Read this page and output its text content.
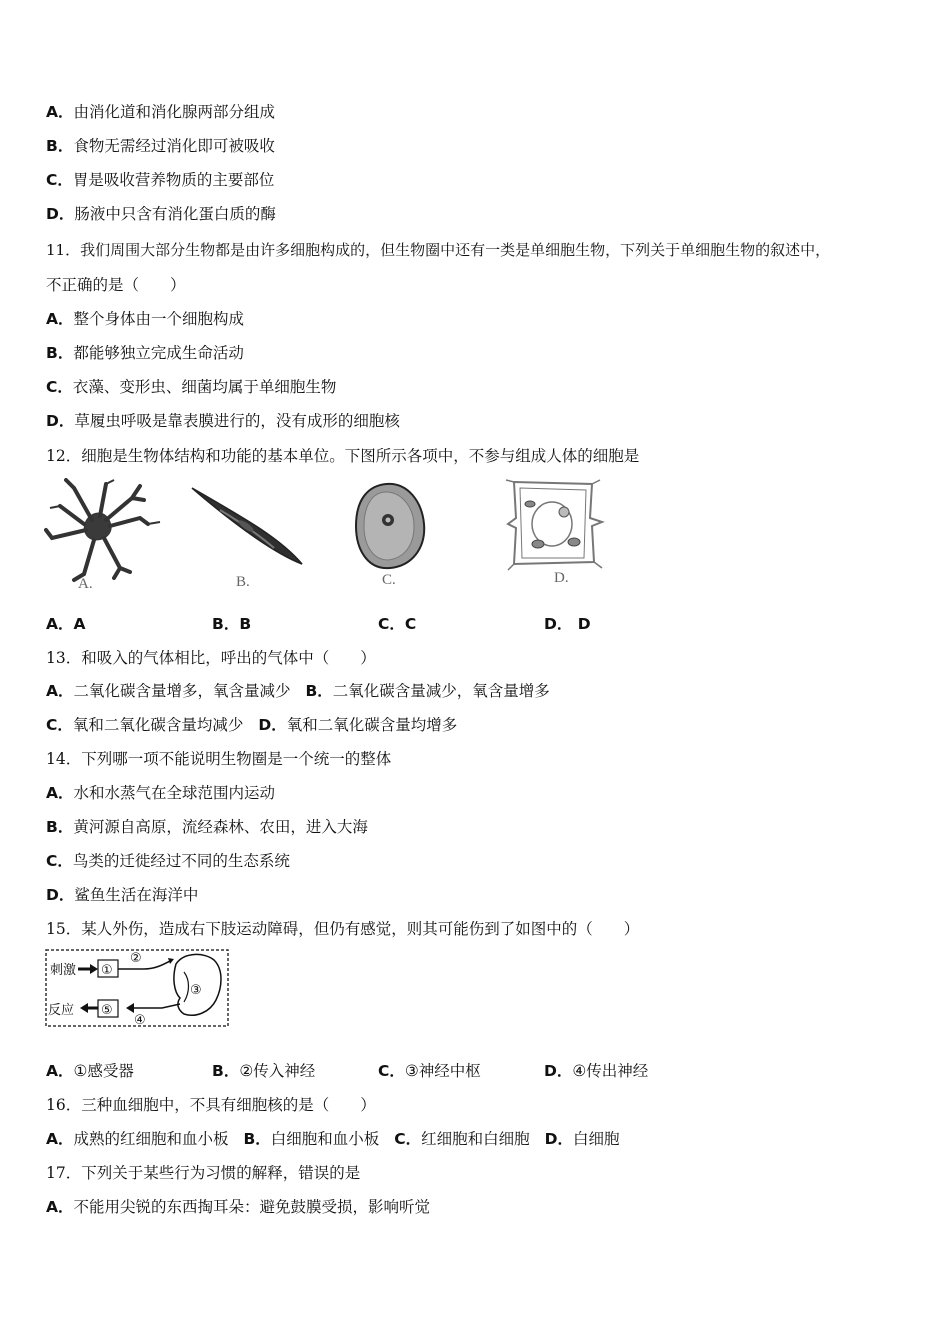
A．由消化道和消化腺两部分组成
B．食物无需经过消化即可被吸收
C．胃是吸收营养物质的主要部位
D．肠液中只含有消化蛋白质的酶
11．我们周围大部分生物都是由许多细胞构成的，但生物圈中还有一类是单细胞生物，下列关于单细胞生物的叙述中，
不正确的是（　　）
A．整个身体由一个细胞构成
B．都能够独立完成生命活动
C．衣藻、变形虫、细菌均属于单细胞生物
D．草履虫呼吸是靠表膜进行的，没有成形的细胞核
12．细胞是生物体结构和功能的基本单位。下图所示各项中，不参与组成人体的细胞是
A.	B.	C.	D.
A．A	B．B	C．C	D． D
13．和吸入的气体相比，呼出的气体中（　　）
A．二氧化碳含量增多，氧含量减少 B．二氧化碳含量减少，氧含量增多
C．氧和二氧化碳含量均减少 D．氧和二氧化碳含量均增多
14．下列哪一项不能说明生物圈是一个统一的整体
A．水和水蒸气在全球范围内运动
B．黄河源自高原，流经森林、农田，进入大海
C．鸟类的迁徙经过不同的生态系统
D．鲨鱼生活在海洋中
15．某人外伤，造成右下肢运动障碍，但仍有感觉，则其可能伤到了如图中的（　　）
刺激 ①
②
③
④
⑤
反应
A．①感受器	B．②传入神经	C．③神经中枢	D．④传出神经
16．三种血细胞中，不具有细胞核的是（　　）
A．成熟的红细胞和血小板 B．白细胞和血小板 C．红细胞和白细胞 D．白细胞
17．下列关于某些行为习惯的解释，错误的是
A．不能用尖锐的东西掏耳朵：避免鼓膜受损，影响听觉
